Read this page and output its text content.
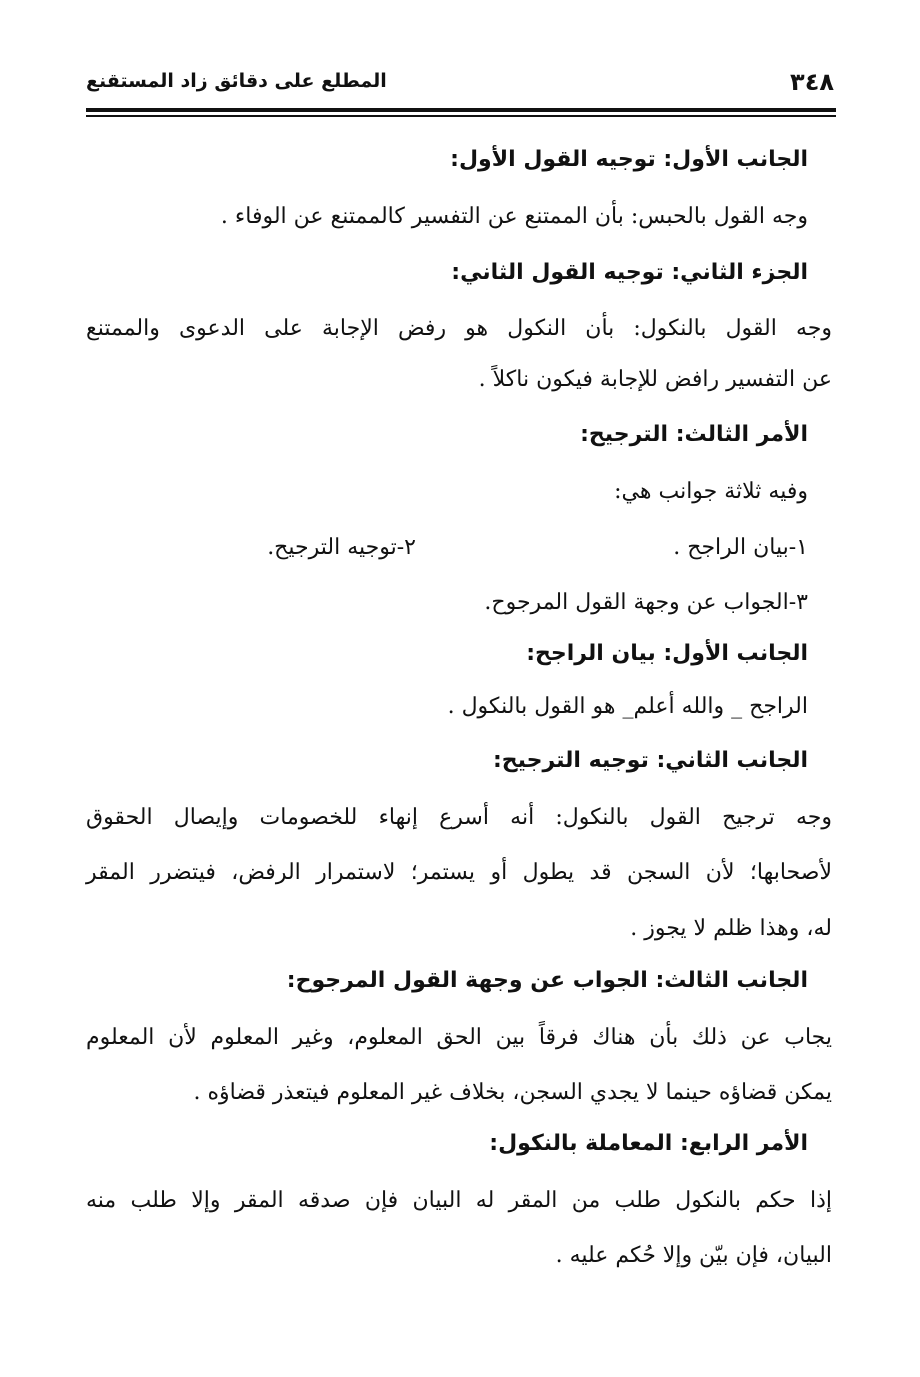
٣٤٨
المطلع على دقائق زاد المستقنع
الجانب الأول: توجيه القول الأول:
وجه القول بالحبس: بأن الممتنع عن التفسير كالممتنع عن الوفاء .
الجزء الثاني: توجيه القول الثاني:
وجه القول بالنكول: بأن النكول هو رفض الإجابة على الدعوى والممتنع
عن التفسير رافض للإجابة فيكون ناكلاً .
الأمر الثالث: الترجيح:
وفيه ثلاثة جوانب هي:
١-بيان الراجح .
٢-توجيه الترجيح.
٣-الجواب عن وجهة القول المرجوح.
الجانب الأول: بيان الراجح:
الراجح _ والله أعلم_ هو القول بالنكول .
الجانب الثاني: توجيه الترجيح:
وجه ترجيح القول بالنكول: أنه أسرع إنهاء للخصومات وإيصال الحقوق
لأصحابها؛ لأن السجن قد يطول أو يستمر؛ لاستمرار الرفض، فيتضرر المقر
له، وهذا ظلم لا يجوز .
الجانب الثالث: الجواب عن وجهة القول المرجوح:
يجاب عن ذلك بأن هناك فرقاً بين الحق المعلوم، وغير المعلوم لأن المعلوم
يمكن قضاؤه حينما لا يجدي السجن، بخلاف غير المعلوم فيتعذر قضاؤه .
الأمر الرابع: المعاملة بالنكول:
إذا حكم بالنكول طلب من المقر له البيان فإن صدقه المقر وإلا طلب منه
البيان، فإن بيّن وإلا حُكم عليه .
